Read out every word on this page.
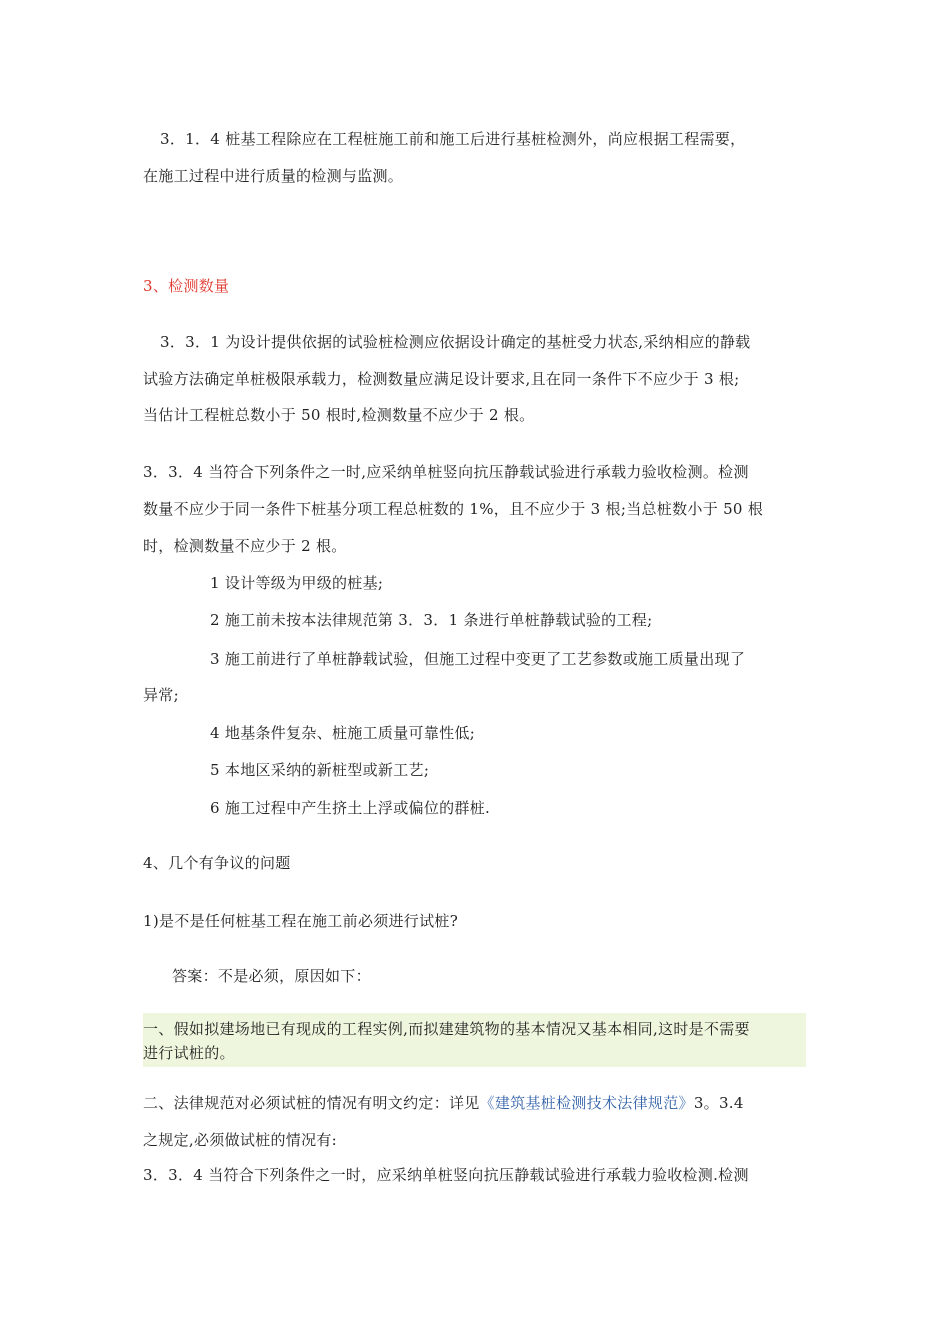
3．1．4 桩基工程除应在工程桩施工前和施工后进行基桩检测外，尚应根据工程需要，
在施工过程中进行质量的检测与监测。
3、检测数量
3．3．1 为设计提供依据的试验桩检测应依据设计确定的基桩受力状态,采纳相应的静载
试验方法确定单桩极限承载力，检测数量应满足设计要求,且在同一条件下不应少于 3 根;
当估计工程桩总数小于 50 根时,检测数量不应少于 2 根。
3．3．4 当符合下列条件之一时,应采纳单桩竖向抗压静载试验进行承载力验收检测。检测
数量不应少于同一条件下桩基分项工程总桩数的 1%，且不应少于 3 根;当总桩数小于 50 根
时，检测数量不应少于 2 根。
1 设计等级为甲级的桩基;
2 施工前未按本法律规范第 3．3．1 条进行单桩静载试验的工程;
3 施工前进行了单桩静载试验，但施工过程中变更了工艺参数或施工质量出现了
异常;
4 地基条件复杂、桩施工质量可靠性低;
5 本地区采纳的新桩型或新工艺;
6 施工过程中产生挤土上浮或偏位的群桩.
4、几个有争议的问题
1)是不是任何桩基工程在施工前必须进行试桩?
答案：不是必须，原因如下：
一、假如拟建场地已有现成的工程实例,而拟建建筑物的基本情况又基本相同,这时是不需要
进行试桩的。
二、法律规范对必须试桩的情况有明文约定：详见《建筑基桩检测技术法律规范》3。3.4
之规定,必须做试桩的情况有:
3．3．4 当符合下列条件之一时，应采纳单桩竖向抗压静载试验进行承载力验收检测.检测
